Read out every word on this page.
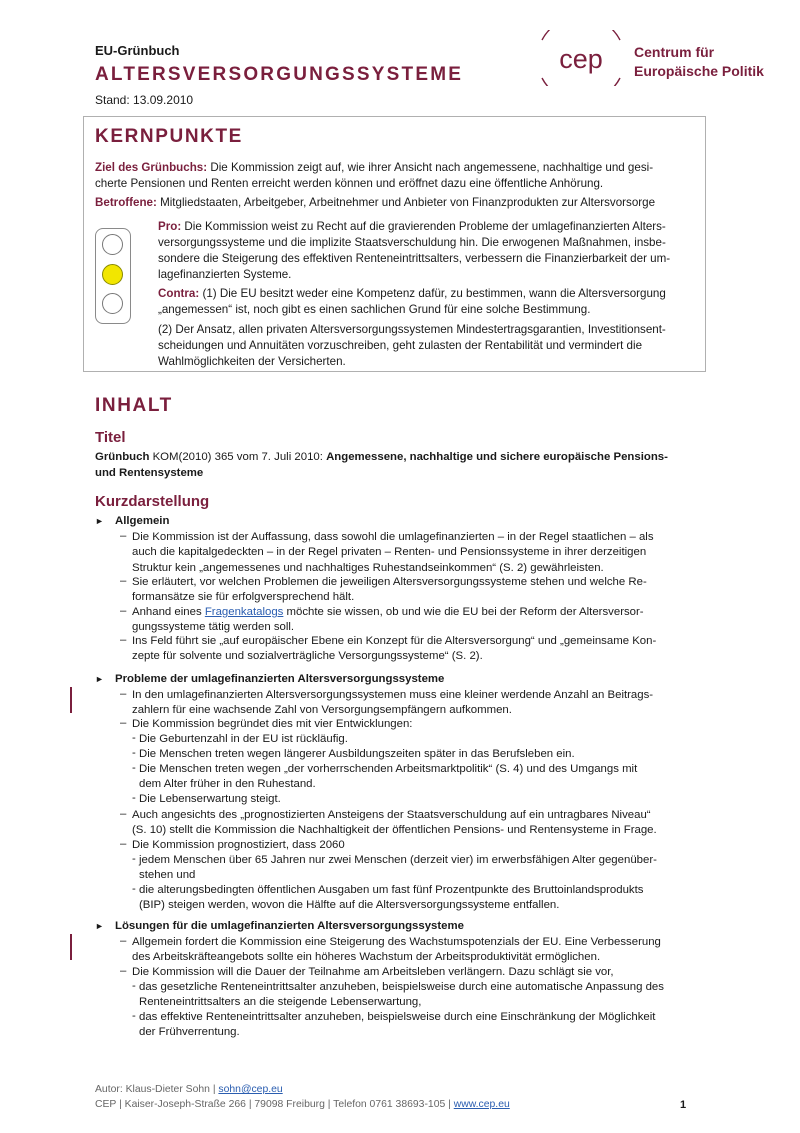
EU-Grünbuch
ALTERSVERSORGUNGSSYSTEME
Stand: 13.09.2010
cep Centrum für
Europäische Politik
KERNPUNKTE
Ziel des Grünbuchs: Die Kommission zeigt auf, wie ihrer Ansicht nach angemessene, nachhaltige und gesi-
cherte Pensionen und Renten erreicht werden können und eröffnet dazu eine öffentliche Anhörung.
Betroffene: Mitgliedstaaten, Arbeitgeber, Arbeitnehmer und Anbieter von Finanzprodukten zur Altersvorsorge
Pro: Die Kommission weist zu Recht auf die gravierenden Probleme der umlagefinanzierten Alters-
versorgungssysteme und die implizite Staatsverschuldung hin. Die erwogenen Maßnahmen, insbe-
sondere die Steigerung des effektiven Renteneintrittsalters, verbessern die Finanzierbarkeit der um-
lagefinanzierten Systeme.
Contra: (1) Die EU besitzt weder eine Kompetenz dafür, zu bestimmen, wann die Altersversorgung
„angemessen“ ist, noch gibt es einen sachlichen Grund für eine solche Bestimmung.
(2) Der Ansatz, allen privaten Altersversorgungssystemen Mindestertragsgarantien, Investitionsent-
scheidungen und Annuitäten vorzuschreiben, geht zulasten der Rentabilität und vermindert die
Wahlmöglichkeiten der Versicherten.
INHALT
Titel
Grünbuch KOM(2010) 365 vom 7. Juli 2010: Angemessene, nachhaltige und sichere europäische Pensions-
und Rentensysteme
Kurzdarstellung
► Allgemein
– Die Kommission ist der Auffassung, dass sowohl die umlagefinanzierten – in der Regel staatlichen – als
auch die kapitalgedeckten – in der Regel privaten – Renten- und Pensionssysteme in ihrer derzeitigen
Struktur kein „angemessenes und nachhaltiges Ruhestandseinkommen“ (S. 2) gewährleisten.
– Sie erläutert, vor welchen Problemen die jeweiligen Altersversorgungssysteme stehen und welche Re-
formansätze sie für erfolgversprechend hält.
– Anhand eines Fragenkatalogs möchte sie wissen, ob und wie die EU bei der Reform der Altersversor-
gungssysteme tätig werden soll.
– Ins Feld führt sie „auf europäischer Ebene ein Konzept für die Altersversorgung“ und „gemeinsame Kon-
zepte für solvente und sozialverträgliche Versorgungssysteme“ (S. 2).
► Probleme der umlagefinanzierten Altersversorgungssysteme
– In den umlagefinanzierten Altersversorgungssystemen muss eine kleiner werdende Anzahl an Beitrags-
zahlern für eine wachsende Zahl von Versorgungsempfängern aufkommen.
– Die Kommission begründet dies mit vier Entwicklungen:
- Die Geburtenzahl in der EU ist rückläufig.
- Die Menschen treten wegen längerer Ausbildungszeiten später in das Berufsleben ein.
- Die Menschen treten wegen „der vorherrschenden Arbeitsmarktpolitik“ (S. 4) und des Umgangs mit
dem Alter früher in den Ruhestand.
- Die Lebenserwartung steigt.
– Auch angesichts des „prognostizierten Ansteigens der Staatsverschuldung auf ein untragbares Niveau“
(S. 10) stellt die Kommission die Nachhaltigkeit der öffentlichen Pensions- und Rentensysteme in Frage.
– Die Kommission prognostiziert, dass 2060
- jedem Menschen über 65 Jahren nur zwei Menschen (derzeit vier) im erwerbsfähigen Alter gegenüber-
stehen und
- die alterungsbedingten öffentlichen Ausgaben um fast fünf Prozentpunkte des Bruttoinlandsprodukts
(BIP) steigen werden, wovon die Hälfte auf die Altersversorgungssysteme entfallen.
► Lösungen für die umlagefinanzierten Altersversorgungssysteme
– Allgemein fordert die Kommission eine Steigerung des Wachstumspotenzials der EU. Eine Verbesserung
des Arbeitskräfteangebots sollte ein höheres Wachstum der Arbeitsproduktivität ermöglichen.
– Die Kommission will die Dauer der Teilnahme am Arbeitsleben verlängern. Dazu schlägt sie vor,
- das gesetzliche Renteneintrittsalter anzuheben, beispielsweise durch eine automatische Anpassung des
Renteneintrittsalters an die steigende Lebenserwartung,
- das effektive Renteneintrittsalter anzuheben, beispielsweise durch eine Einschränkung der Möglichkeit
der Frühverrentung.
Autor: Klaus-Dieter Sohn | sohn@cep.eu
CEP | Kaiser-Joseph-Straße 266 | 79098 Freiburg | Telefon 0761 38693-105 | www.cep.eu	1
